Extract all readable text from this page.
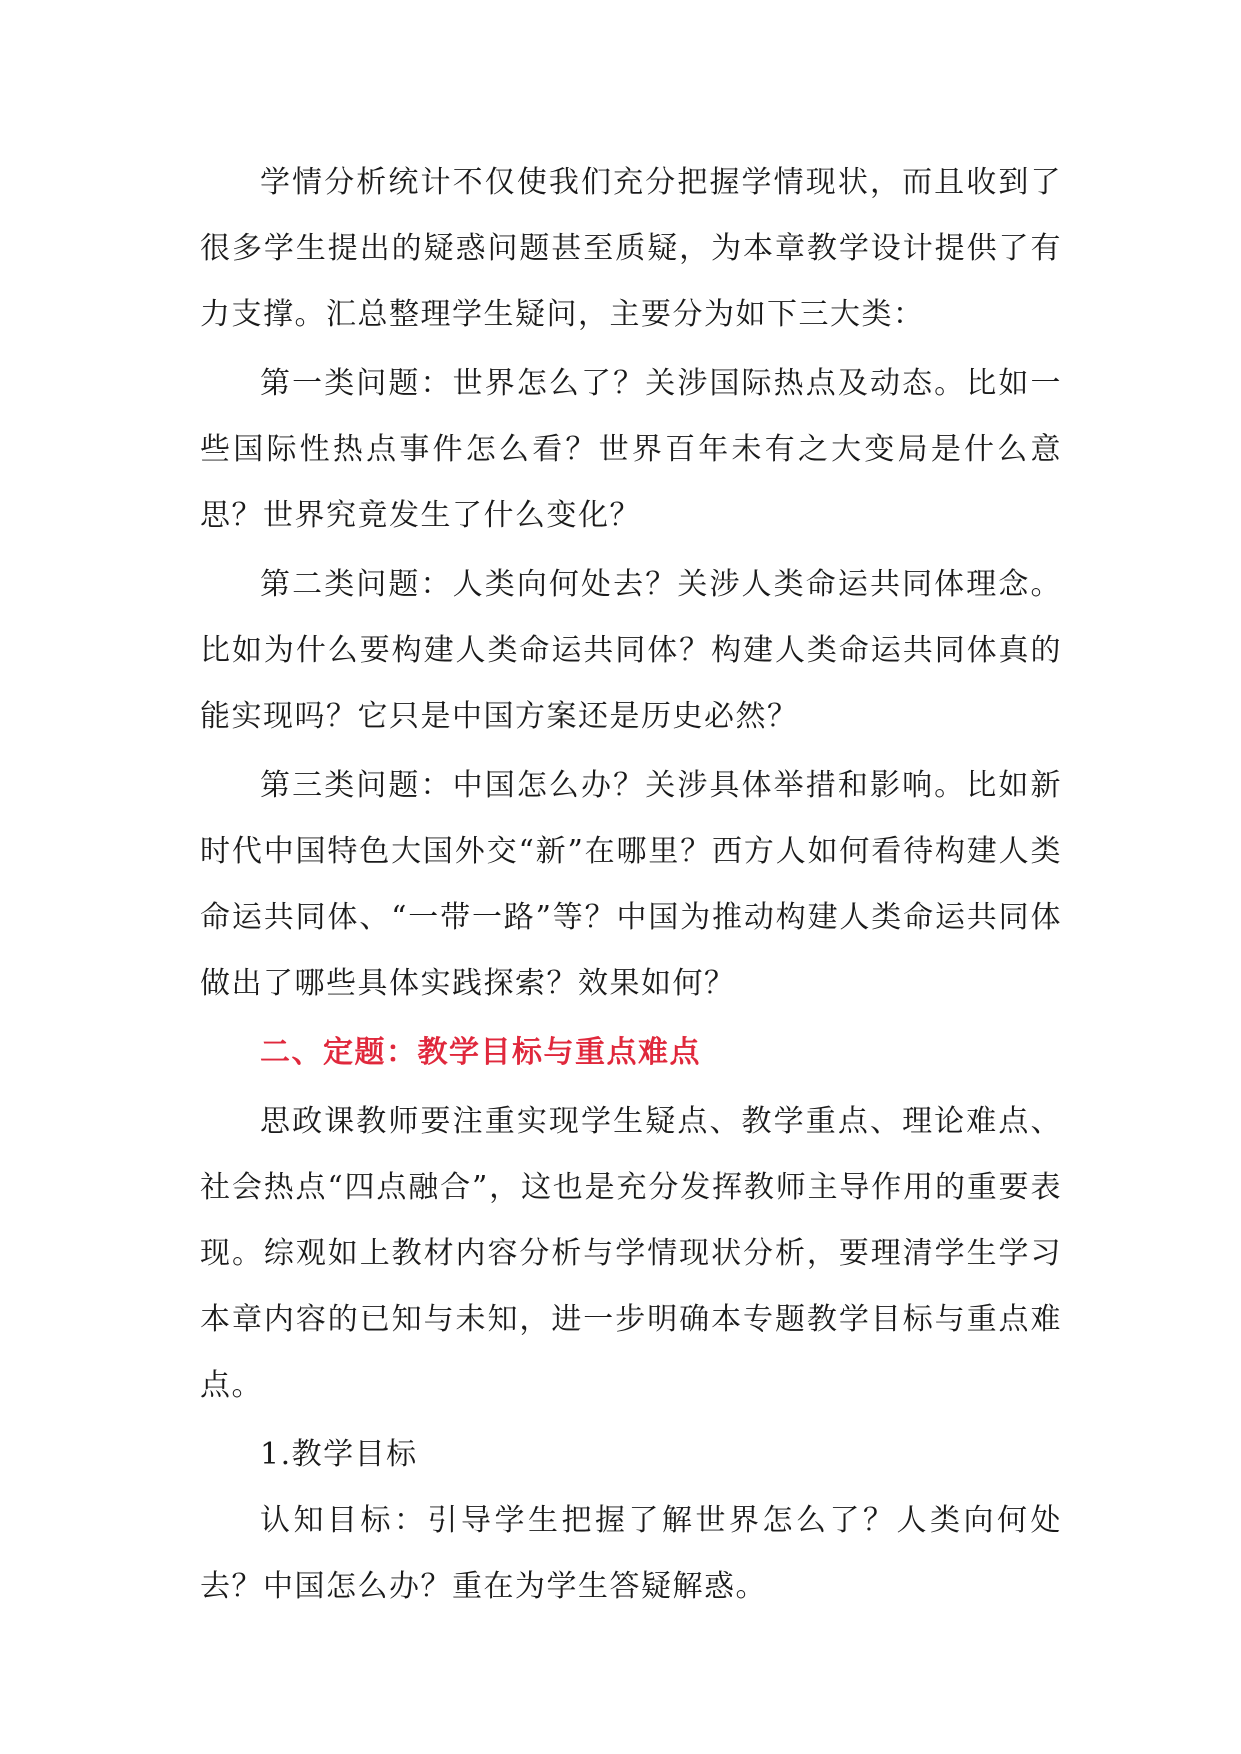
学情分析统计不仅使我们充分把握学情现状，而且收到了很多学生提出的疑惑问题甚至质疑，为本章教学设计提供了有力支撑。汇总整理学生疑问，主要分为如下三大类：

第一类问题：世界怎么了？关涉国际热点及动态。比如一些国际性热点事件怎么看？世界百年未有之大变局是什么意思？世界究竟发生了什么变化？

第二类问题：人类向何处去？关涉人类命运共同体理念。比如为什么要构建人类命运共同体？构建人类命运共同体真的能实现吗？它只是中国方案还是历史必然？

第三类问题：中国怎么办？关涉具体举措和影响。比如新时代中国特色大国外交“新”在哪里？西方人如何看待构建人类命运共同体、“一带一路”等？中国为推动构建人类命运共同体做出了哪些具体实践探索？效果如何？

二、定题：教学目标与重点难点

思政课教师要注重实现学生疑点、教学重点、理论难点、社会热点“四点融合”，这也是充分发挥教师主导作用的重要表现。综观如上教材内容分析与学情现状分析，要理清学生学习本章内容的已知与未知，进一步明确本专题教学目标与重点难点。

1.教学目标

认知目标：引导学生把握了解世界怎么了？人类向何处去？中国怎么办？重在为学生答疑解惑。
